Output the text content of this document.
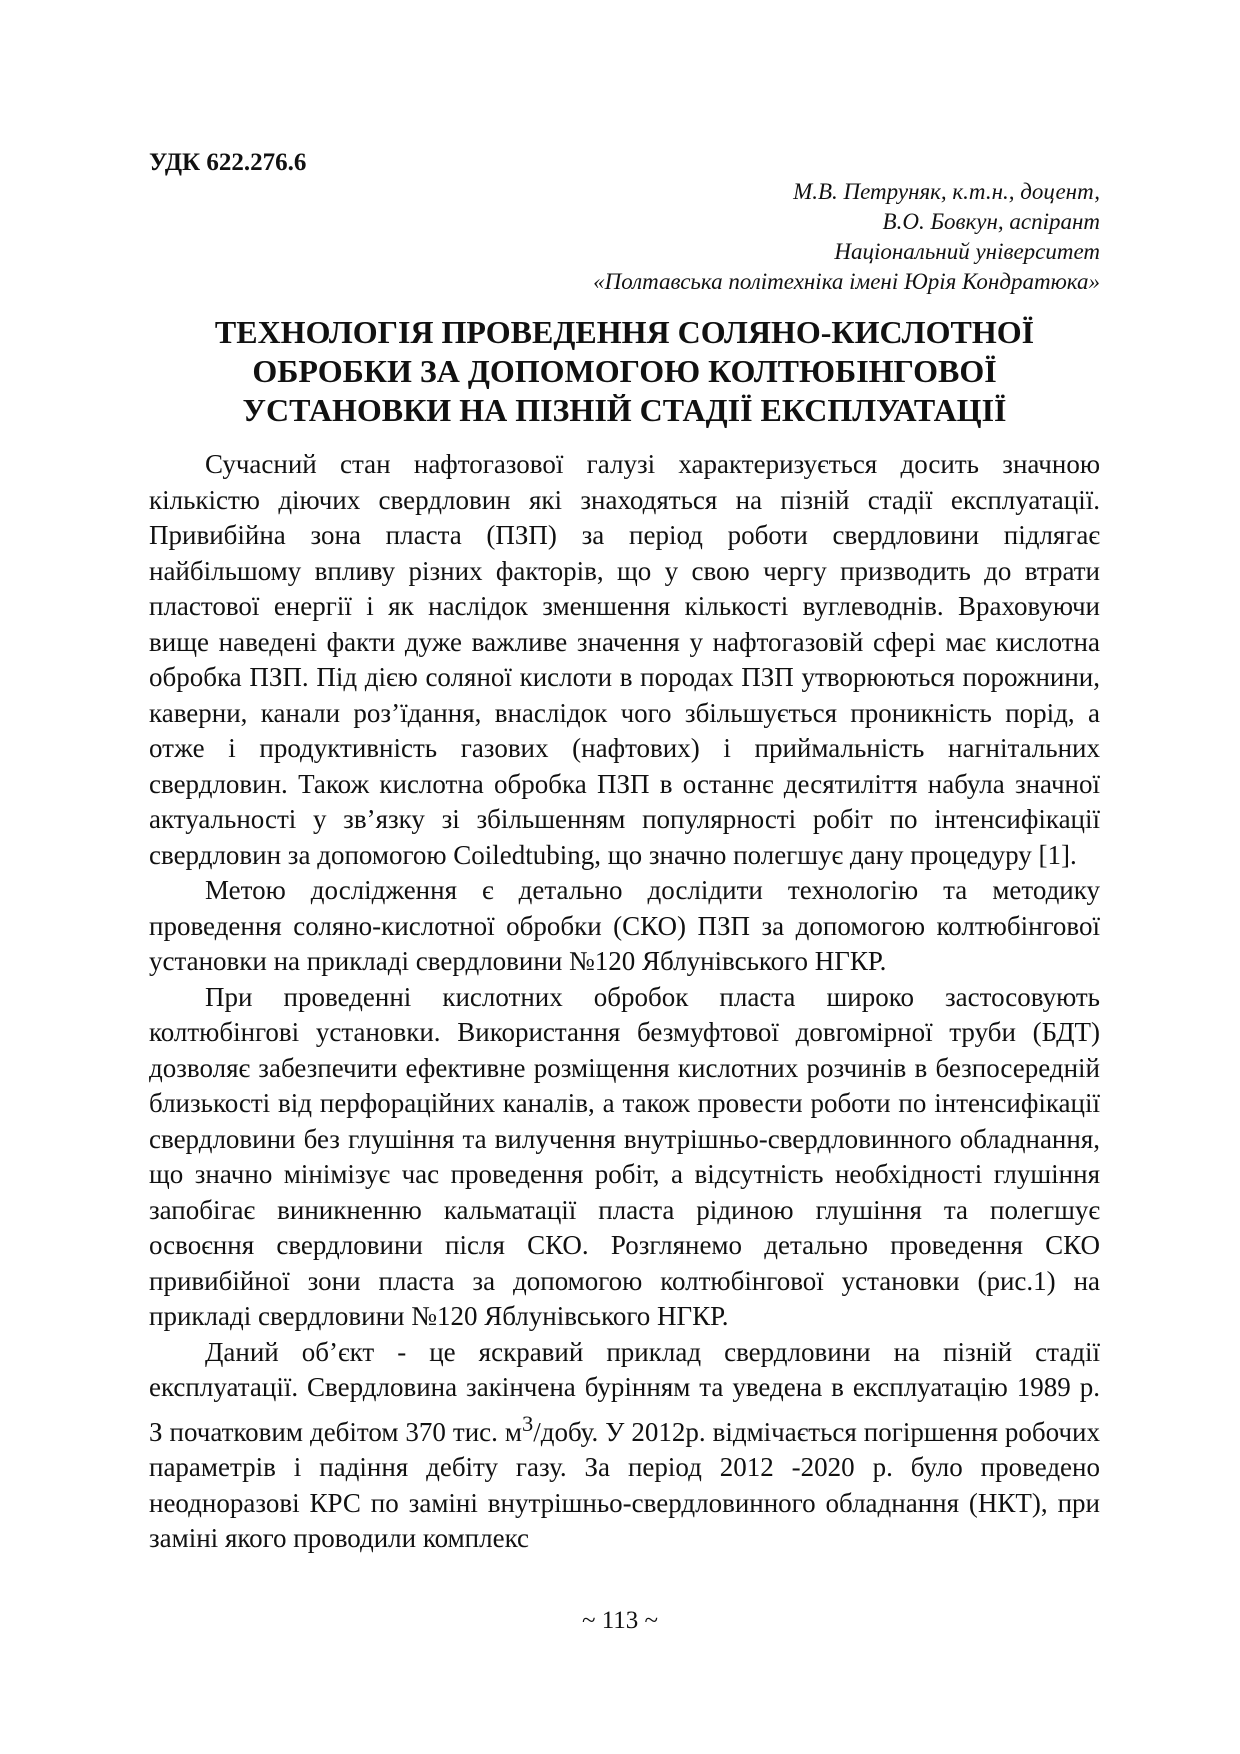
УДК 622.276.6

М.В. Петруняк, к.т.н., доцент,
В.О. Бовкун, аспірант
Національний університет
«Полтавська політехніка імені Юрія Кондратюка»
ТЕХНОЛОГІЯ ПРОВЕДЕННЯ СОЛЯНО-КИСЛОТНОЇ ОБРОБКИ ЗА ДОПОМОГОЮ КОЛТЮБІНГОВОЇ УСТАНОВКИ НА ПІЗНІЙ СТАДІЇ ЕКСПЛУАТАЦІЇ

Сучасний стан нафтогазової галузі характеризується досить значною кількістю діючих свердловин які знаходяться на пізній стадії експлуатації. Привибійна зона пласта (ПЗП) за період роботи свердловини підлягає найбільшому впливу різних факторів, що у свою чергу призводить до втрати пластової енергії і як наслідок зменшення кількості вуглеводнів. Враховуючи вище наведені факти дуже важливе значення у нафтогазовій сфері має кислотна обробка ПЗП. Під дією соляної кислоти в породах ПЗП утворюються порожнини, каверни, канали роз’їдання, внаслідок чого збільшується проникність порід, а отже і продуктивність газових (нафтових) і приймальність нагнітальних свердловин. Також кислотна обробка ПЗП в останнє десятиліття набула значної актуальності у зв’язку зі збільшенням популярності робіт по інтенсифікації свердловин за допомогою Coiledtubing, що значно полегшує дану процедуру [1].

Метою дослідження є детально дослідити технологію та методику проведення соляно-кислотної обробки (СКО) ПЗП за допомогою колтюбінгової установки на прикладі свердловини №120 Яблунівського НГКР.

При проведенні кислотних обробок пласта широко застосовують колтюбінгові установки. Використання безмуфтової довгомірної труби (БДТ) дозволяє забезпечити ефективне розміщення кислотних розчинів в безпосередній близькості від перфораційних каналів, а також провести роботи по інтенсифікації свердловини без глушіння та вилучення внутрішньо-свердловинного обладнання, що значно мінімізує час проведення робіт, а відсутність необхідності глушіння запобігає виникненню кальматації пласта рідиною глушіння та полегшує освоєння свердловини після СКО. Розглянемо детально проведення СКО привибійної зони пласта за допомогою колтюбінгової установки (рис.1) на прикладі свердловини №120 Яблунівського НГКР.

Даний об’єкт - це яскравий приклад свердловини на пізній стадії експлуатації. Свердловина закінчена бурінням та уведена в експлуатацію 1989 р. З початковим дебітом 370 тис. $м^3$/добу. У 2012р. відмічається погіршення робочих параметрів і падіння дебіту газу. За період 2012 -2020 р. було проведено неодноразові КРС по заміні внутрішньо-свердловинного обладнання (НКТ), при заміні якого проводили комплекс

~ 113 ~
